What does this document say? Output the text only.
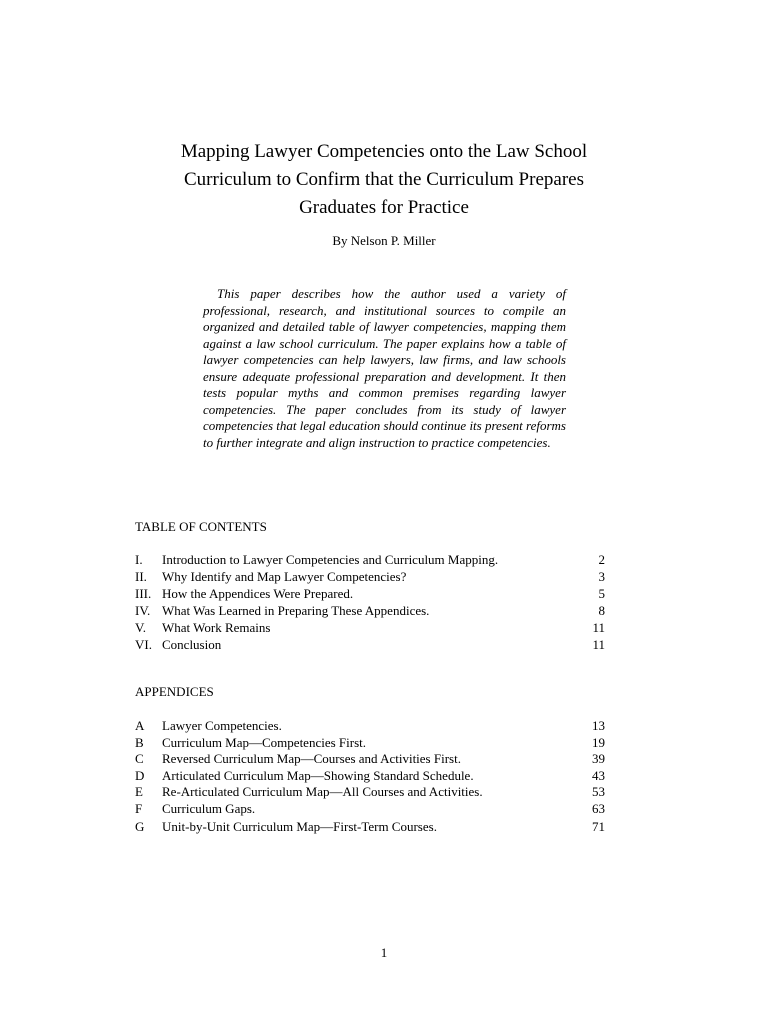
Mapping Lawyer Competencies onto the Law School
Curriculum to Confirm that the Curriculum Prepares
Graduates for Practice
By Nelson P. Miller

This paper describes how the author used a variety of professional, research, and institutional sources to compile an organized and detailed table of lawyer competencies, mapping them against a law school curriculum. The paper explains how a table of lawyer competencies can help lawyers, law firms, and law schools ensure adequate professional preparation and development. It then tests popular myths and common premises regarding lawyer competencies. The paper concludes from its study of lawyer competencies that legal education should continue its present reforms to further integrate and align instruction to practice competencies.

TABLE OF CONTENTS
I. Introduction to Lawyer Competencies and Curriculum Mapping.	2
II. Why Identify and Map Lawyer Competencies?	3
III. How the Appendices Were Prepared.	5
IV. What Was Learned in Preparing These Appendices.	8
V. What Work Remains	11
VI. Conclusion	11
APPENDICES
A Lawyer Competencies.	13
B Curriculum Map—Competencies First.	19
C Reversed Curriculum Map—Courses and Activities First.	39
D Articulated Curriculum Map—Showing Standard Schedule.	43
E Re-Articulated Curriculum Map—All Courses and Activities.	53
F Curriculum Gaps.	63
G Unit-by-Unit Curriculum Map—First-Term Courses.	71
1
